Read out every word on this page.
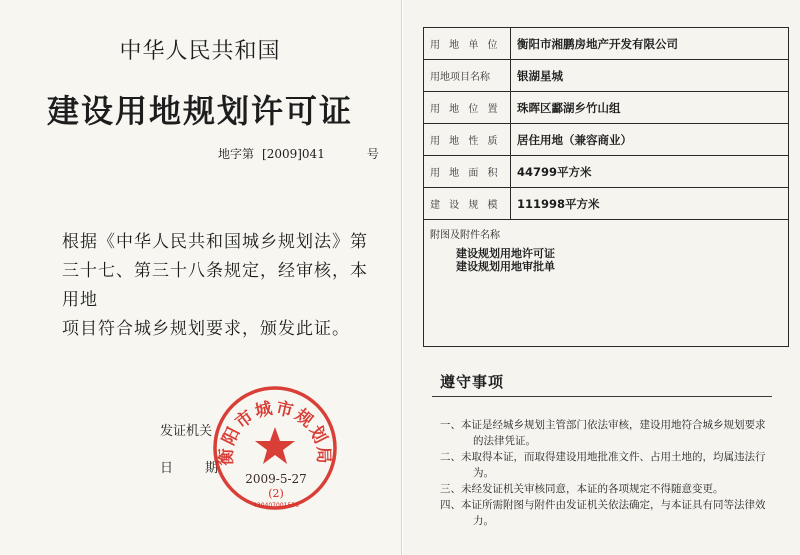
中华人民共和国
建设用地规划许可证
地字第 [2009]041	号
根据《中华人民共和国城乡规划法》第
三十七、第三十八条规定，经审核，本用地
项目符合城乡规划要求，颁发此证。
发证机关
日 期
衡阳市城市规划局
2009-5-27
(2)
430407001556
用 地 单 位	衡阳市湘鹏房地产开发有限公司
用地项目名称	银湖星城
用 地 位 置	珠晖区酃湖乡竹山组
用 地 性 质	居住用地（兼容商业）
用 地 面 积	44799平方米
建 设 规 模	111998平方米

附图及附件名称
建设规划用地许可证
建设规划用地审批单	
遵守事项
一、本证是经城乡规划主管部门依法审核，建设用地符合城乡规划要求
的法律凭证。
二、未取得本证，而取得建设用地批准文件、占用土地的，均属违法行
为。
三、未经发证机关审核同意，本证的各项规定不得随意变更。
四、本证所需附图与附件由发证机关依法确定，与本证具有同等法律效
力。
